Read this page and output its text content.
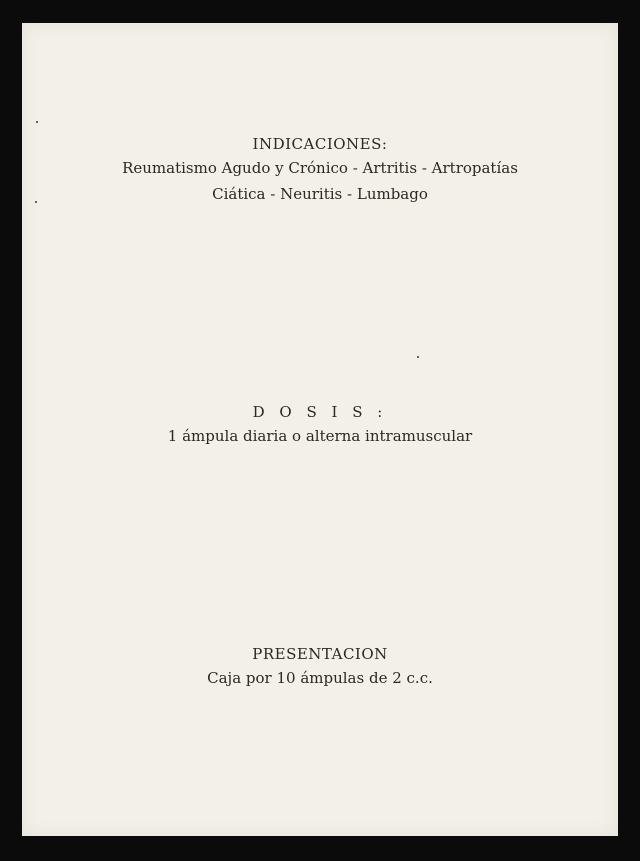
INDICACIONES:
Reumatismo Agudo y Crónico - Artritis - Artropatías
Ciática - Neuritis - Lumbago
D O S I S :
1 ámpula diaria o alterna intramuscular
PRESENTACION
Caja por 10 ámpulas de 2 c.c.
